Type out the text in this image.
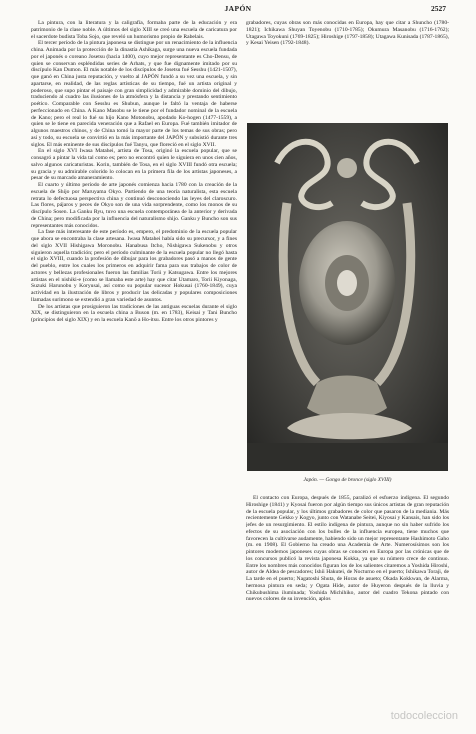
JAPÓN	2527

La pintura, con la literatura y la caligrafía, formaba parte de la educación y era patrimonio de la clase noble. A últimos del siglo XIII se creó una escuela de caricatura por el sacerdote budista Toba Sojo, que reveló un humorismo propio de Rabelais.

El tercer período de la pintura japonesa se distingue por un renacimiento de la influencia china. Animada por la protección de la dinastía Ashikaga, surge una nueva escuela fundada por el japonés o coreano Josetsu (hacia 1400), cuyo mejor representante es Cho-Densu, de quien se conservan espléndidas series de Arhats, y que fue dignamente imitado por su discípulo Kan Dumon. El más notable de los discípulos de Josetsu fué Sesshu (1421-1507), que ganó en China justa reputación, y vuelto al JAPÓN fundó a su vez una escuela, y sin apartarse, en realidad, de las reglas artísticas de su tiempo, fué un artista original y poderoso, que supo pintar el paisaje con gran simplicidad y admirable dominio del dibujo, traduciendo al cuadro las ilusiones de la atmósfera y la distancia y prestando sentimiento poético. Comparable con Sesshu es Shubun, aunque le faltó la ventaja de haberse perfeccionado en China. A Kano Masobu se le tiene por el fundador nominal de la escuela de Kano; pero el real lo fué su hijo Kano Motonobu, apodado Ko-hogen (1477-1559), a quien se le tiene en parecida veneración que a Rafael en Europa. Fué también imitador de algunos maestros chinos, y de China tomó la mayor parte de los temas de sus obras; pero así y todo, su escuela se convirtió en la más importante del JAPÓN y subsistió durante tres siglos. El más eminente de sus discípulos fué Tanyu, que floreció en el siglo XVII.

En el siglo XVI Iwasa Matahei, artista de Tosa, originó la escuela popular, que se consagró a pintar la vida tal como es; pero no encontró quien le siguiera en unos cien años, salvo algunos caricaturistas. Korin, también de Tosa, en el siglo XVIII fundó otra escuela; su gracia y su admirable colorido lo colocan en la primera fila de los artistas japoneses, a pesar de su marcado amaneramiento.

El cuarto y último período de arte japonés comienza hacia 1780 con la creación de la escuela de Shijo por Maruyama Okyo. Partiendo de una teoría naturalista, esta escuela retrata lo defectuosa perspectiva china y continuó desconociendo las leyes del claroscuro. Las flores, pájaros y peces de Okyo son de una vida sorprendente, como los monos de su discípulo Sosen. La Ganku Ryu, tuvo una escuela contemporánea de la anterior y derivada de China; pero modificada por la influencia del naturalismo shijo. Ganku y Buncho son sus representantes más conocidos.

La fase más interesante de este período es, empero, el predominio de la escuela popular que abora se encontraba la clase artesana. Iwasa Matahei había sido su precursor, y a fines del siglo XVII Hishigawa Moronobu. Hanabusa Itcho, Nishigawa Sukenobu y otros siguieron aquella tradición; pero el período culminante de la escuela popular no llegó hasta el siglo XVIII, cuando la profesión de dibujar para los grabadores pasó a manos de gente del pueblo, entre los cuales los primeros en adquirir fama para sus trabajos de color de actores y bellezas profesionales fueron las familias Torii y Katsugawa. Entre los mejores artistas en el nishiki-e (como se llamaba este arte) hay que citar Utamaro, Torii Kiyonaga, Suzuki Harunobu y Koryusai, así como su popular sucesor Hokusai (1760-1849), cuya actividad en la ilustración de libros y producir las delicadas y populares composiciones llamadas surimono se extendió a gran variedad de asuntos.

De los artistas que prosiguieron las tradiciones de las antiguas escuelas durante el siglo XIX, se distinguieron en la escuela china a Buson (m. en 1783), Keisai y Tani Buncho (principios del siglo XIX) y en la escuela Kanō a Ho-itsu. Entre los otros pintores y

grabadores, cuyas obras son más conocidas en Europa, hay que citar a Shuncho (1780-1821); Ichikawa Shuyan Toyenobu (1710-1785); Okumura Masanobu (1716-1762); Utagawa Toyokuni (1769-1825); Hiroshige (1797-1858); Utagawa Kunisada (1787-1865), y Kesai Yeisen (1792-1848).

Japón. — Gongo de bronce (siglo XVIII)

El contacto con Europa, después de 1855, paralizó el esfuerzo indígena. El segundo Hiroshige (1841) y Kyosai fueron por algún tiempo sus únicos artistas de gran reputación de la escuela popular, y los últimos grabadores de color que pasaron de la mediania. Más recientemente Gekko y Kogyo, junto con Watanabe Seitei, Kiyosai y Kansais, han sido los jefes de un resurgimiento. El estilo indígena de pintura, aunque no sin haber sufrido los efectos de su asociación con los bulles de la influencia europea, tiene muchos que favorecen la cultivarse audamente, habiendo sido un mejor representante Hashimoto Gaho (m. en 1908). El Gobierno ha creado una Academia de Arte. Numerosísimos son los pintores modernos japoneses cuyas obras se conocen en Europa por las crónicas que de los concursos publicó la revista japonesa Kokka, ya que su número crece de continuo. Entre los nombres más conocidos figuran los de los salientes citaremos a Yoshida Hiroshi, autor de Aldea de pescadores; Ishii Hakutei, de Nocturno en el puerto; Ishikawa Toraji, de La tarde en el puerto; Nagatoshi Shuta, de Horas de asueto; Okada Kokkwan, de Alarma, hermosa pintura en seda; y Ogata Hide, autor de Huyeron después de la lluvia y Chikubushima iluminada; Yoshida Michihiko, autor del cuadro Tekona pintado con nuevos colores de su invención, aplos

todocoleccion
